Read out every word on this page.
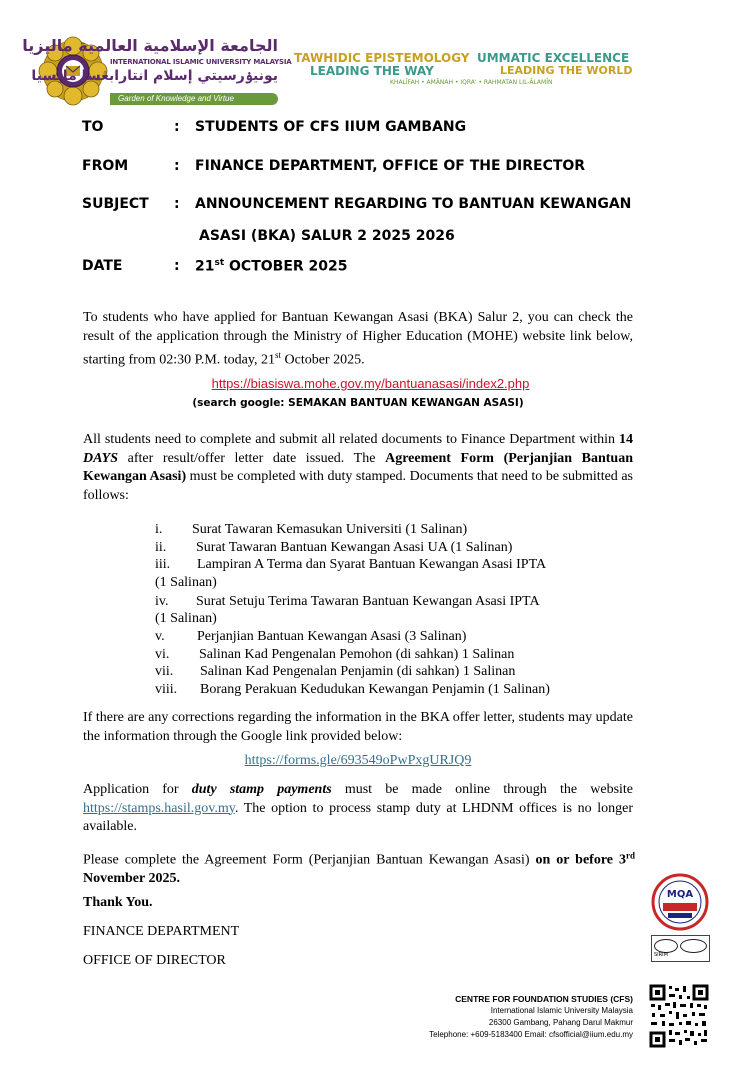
الجامعة الإسلامية العالمية ماليزيا
INTERNATIONAL ISLAMIC UNIVERSITY MALAYSIA
يونيۏرسيتي إسلام انتارابڠسا مليسيا
Garden of Knowledge and Virtue
TAWHIDIC EPISTEMOLOGY
LEADING THE WAY
UMMATIC EXCELLENCE
LEADING THE WORLD
KHALĪFAH • AMĀNAH • IQRA' • RAHMATAN LIL-ĀLAMĪN
TO	: STUDENTS OF CFS IIUM GAMBANG
FROM	: FINANCE DEPARTMENT, OFFICE OF THE DIRECTOR
SUBJECT	: ANNOUNCEMENT REGARDING TO BANTUAN KEWANGAN
ASASI (BKA) SALUR 2 2025 2026
DATE	: 21st OCTOBER 2025
To students who have applied for Bantuan Kewangan Asasi (BKA) Salur 2, you can check the result of the application through the Ministry of Higher Education (MOHE) website link below, starting from 02:30 P.M. today, 21st October 2025.
https://biasiswa.mohe.gov.my/bantuanasasi/index2.php
(search google: SEMAKAN BANTUAN KEWANGAN ASASI)
All students need to complete and submit all related documents to Finance Department within 14 DAYS after result/offer letter date issued. The Agreement Form (Perjanjian Bantuan Kewangan Asasi) must be completed with duty stamped. Documents that need to be submitted as follows:
i. Surat Tawaran Kemasukan Universiti (1 Salinan)
ii. Surat Tawaran Bantuan Kewangan Asasi UA (1 Salinan)
iii. Lampiran A Terma dan Syarat Bantuan Kewangan Asasi IPTA
(1 Salinan)
iv. Surat Setuju Terima Tawaran Bantuan Kewangan Asasi IPTA
(1 Salinan)
v. Perjanjian Bantuan Kewangan Asasi (3 Salinan)
vi. Salinan Kad Pengenalan Pemohon (di sahkan) 1 Salinan
vii. Salinan Kad Pengenalan Penjamin (di sahkan) 1 Salinan
viii. Borang Perakuan Kedudukan Kewangan Penjamin (1 Salinan)
If there are any corrections regarding the information in the BKA offer letter, students may update the information through the Google link provided below:
https://forms.gle/693549oPwPxgURJQ9
Application for duty stamp payments must be made online through the website https://stamps.hasil.gov.my. The option to process stamp duty at LHDNM offices is no longer available.
Please complete the Agreement Form (Perjanjian Bantuan Kewangan Asasi) on or before 3rd November 2025.
Thank You.
FINANCE DEPARTMENT
OFFICE OF DIRECTOR
MQA
SIRIM
CENTRE FOR FOUNDATION STUDIES (CFS)
International Islamic University Malaysia
26300 Gambang, Pahang Darul Makmur
Telephone: +609-5183400 Email: cfsofficial@iium.edu.my
